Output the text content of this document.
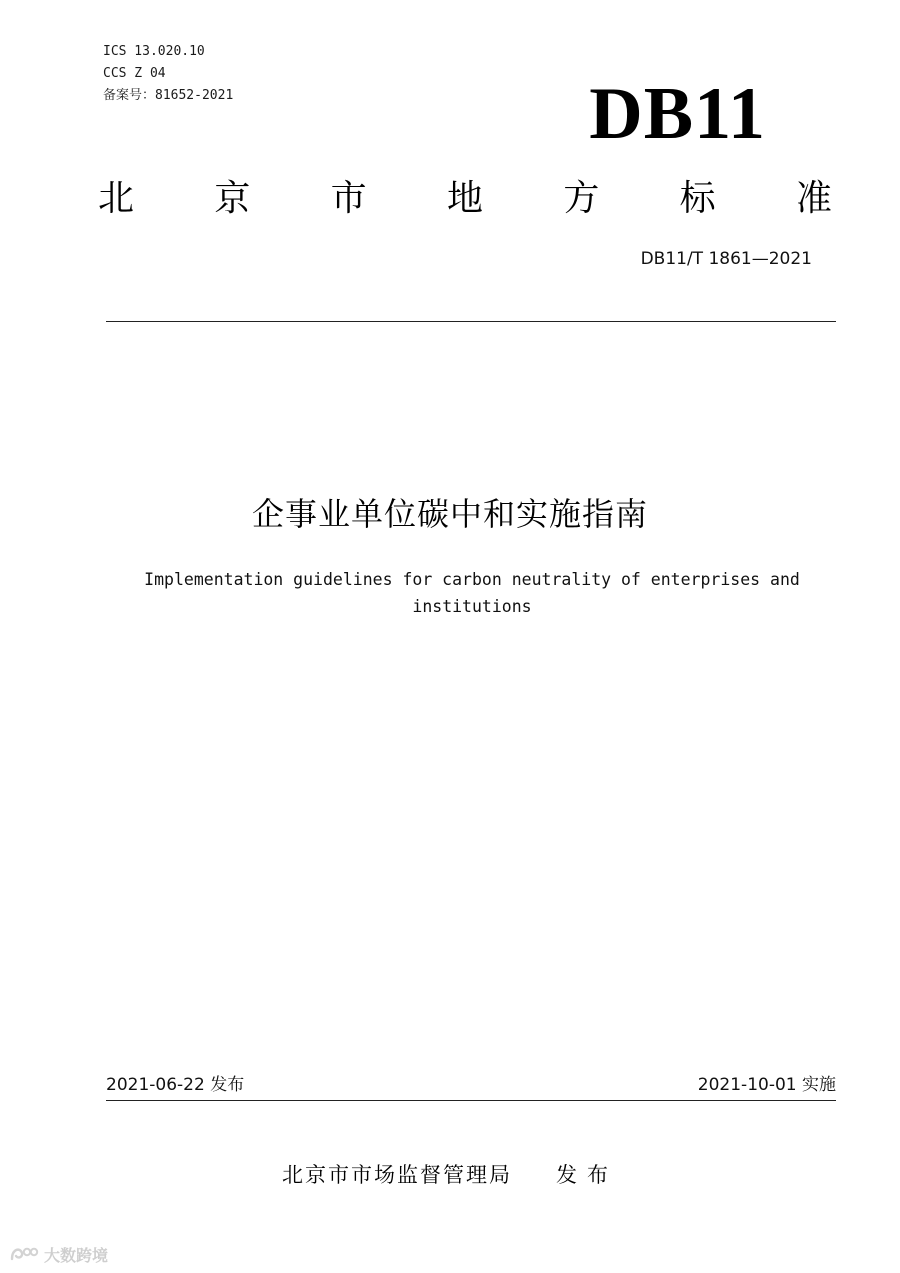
ICS 13.020.10
CCS Z 04
备案号：81652-2021	DB11
北 京 市 地 方 标 准
DB11/T 1861—2021
企事业单位碳中和实施指南
Implementation guidelines for carbon neutrality of enterprises and institutions
2021-06-22 发布	2021-10-01 实施
北京市市场监督管理局 发布
大数跨境
